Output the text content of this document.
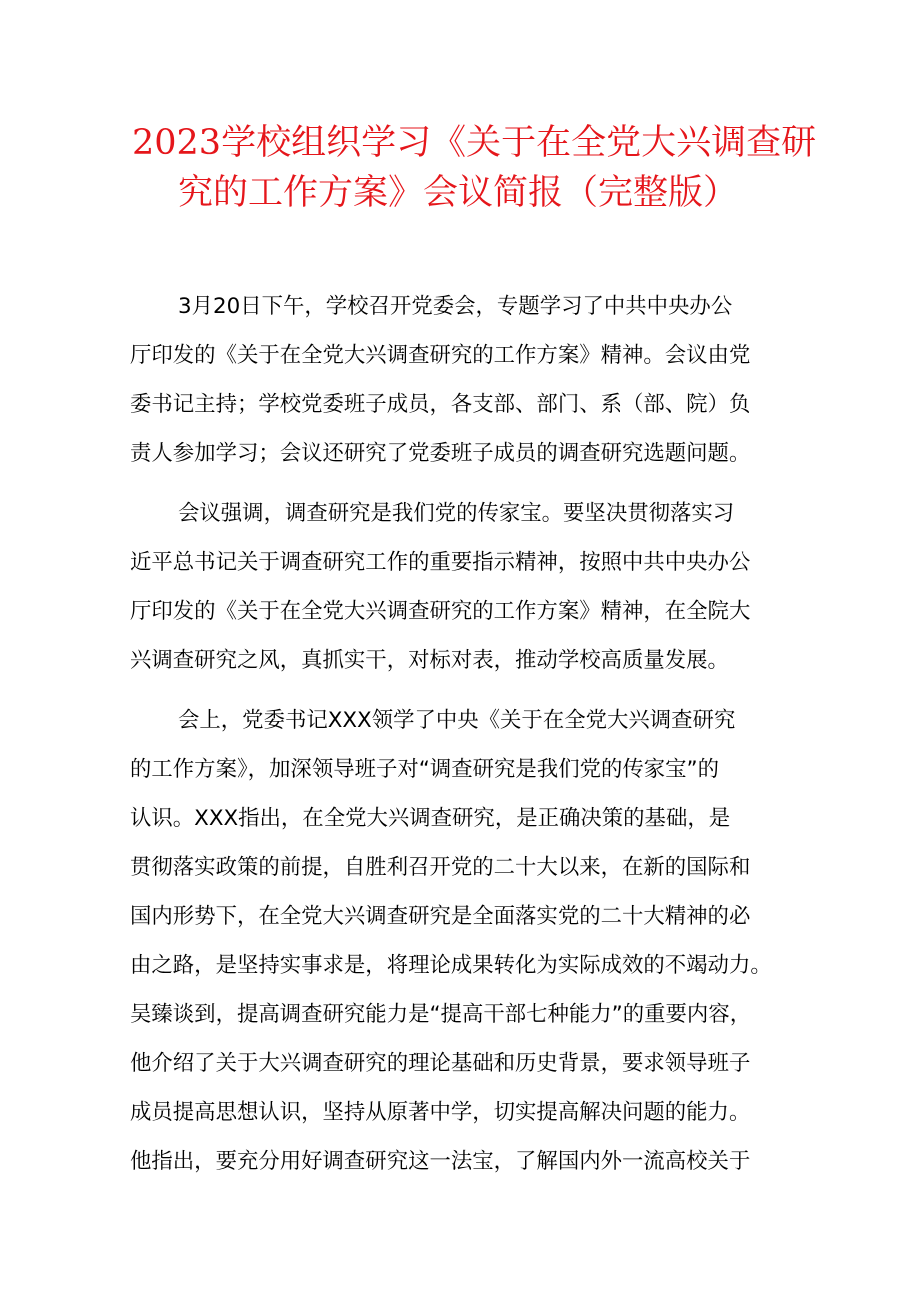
2023学校组织学习《关于在全党大兴调查研
究的工作方案》会议简报（完整版）
3月20日下午，学校召开党委会，专题学习了中共中央办公
厅印发的《关于在全党大兴调查研究的工作方案》精神。会议由党
委书记主持；学校党委班子成员，各支部、部门、系（部、院）负
责人参加学习；会议还研究了党委班子成员的调查研究选题问题。
会议强调，调查研究是我们党的传家宝。要坚决贯彻落实习
近平总书记关于调查研究工作的重要指示精神，按照中共中央办公
厅印发的《关于在全党大兴调查研究的工作方案》精神，在全院大
兴调查研究之风，真抓实干，对标对表，推动学校高质量发展。
会上，党委书记XXX领学了中央《关于在全党大兴调查研究
的工作方案》，加深领导班子对“调查研究是我们党的传家宝”的
认识。XXX指出，在全党大兴调查研究，是正确决策的基础，是
贯彻落实政策的前提，自胜利召开党的二十大以来，在新的国际和
国内形势下，在全党大兴调查研究是全面落实党的二十大精神的必
由之路，是坚持实事求是，将理论成果转化为实际成效的不竭动力。
吴臻谈到，提高调查研究能力是“提高干部七种能力”的重要内容，
他介绍了关于大兴调查研究的理论基础和历史背景，要求领导班子
成员提高思想认识，坚持从原著中学，切实提高解决问题的能力。
他指出，要充分用好调查研究这一法宝，了解国内外一流高校关于
